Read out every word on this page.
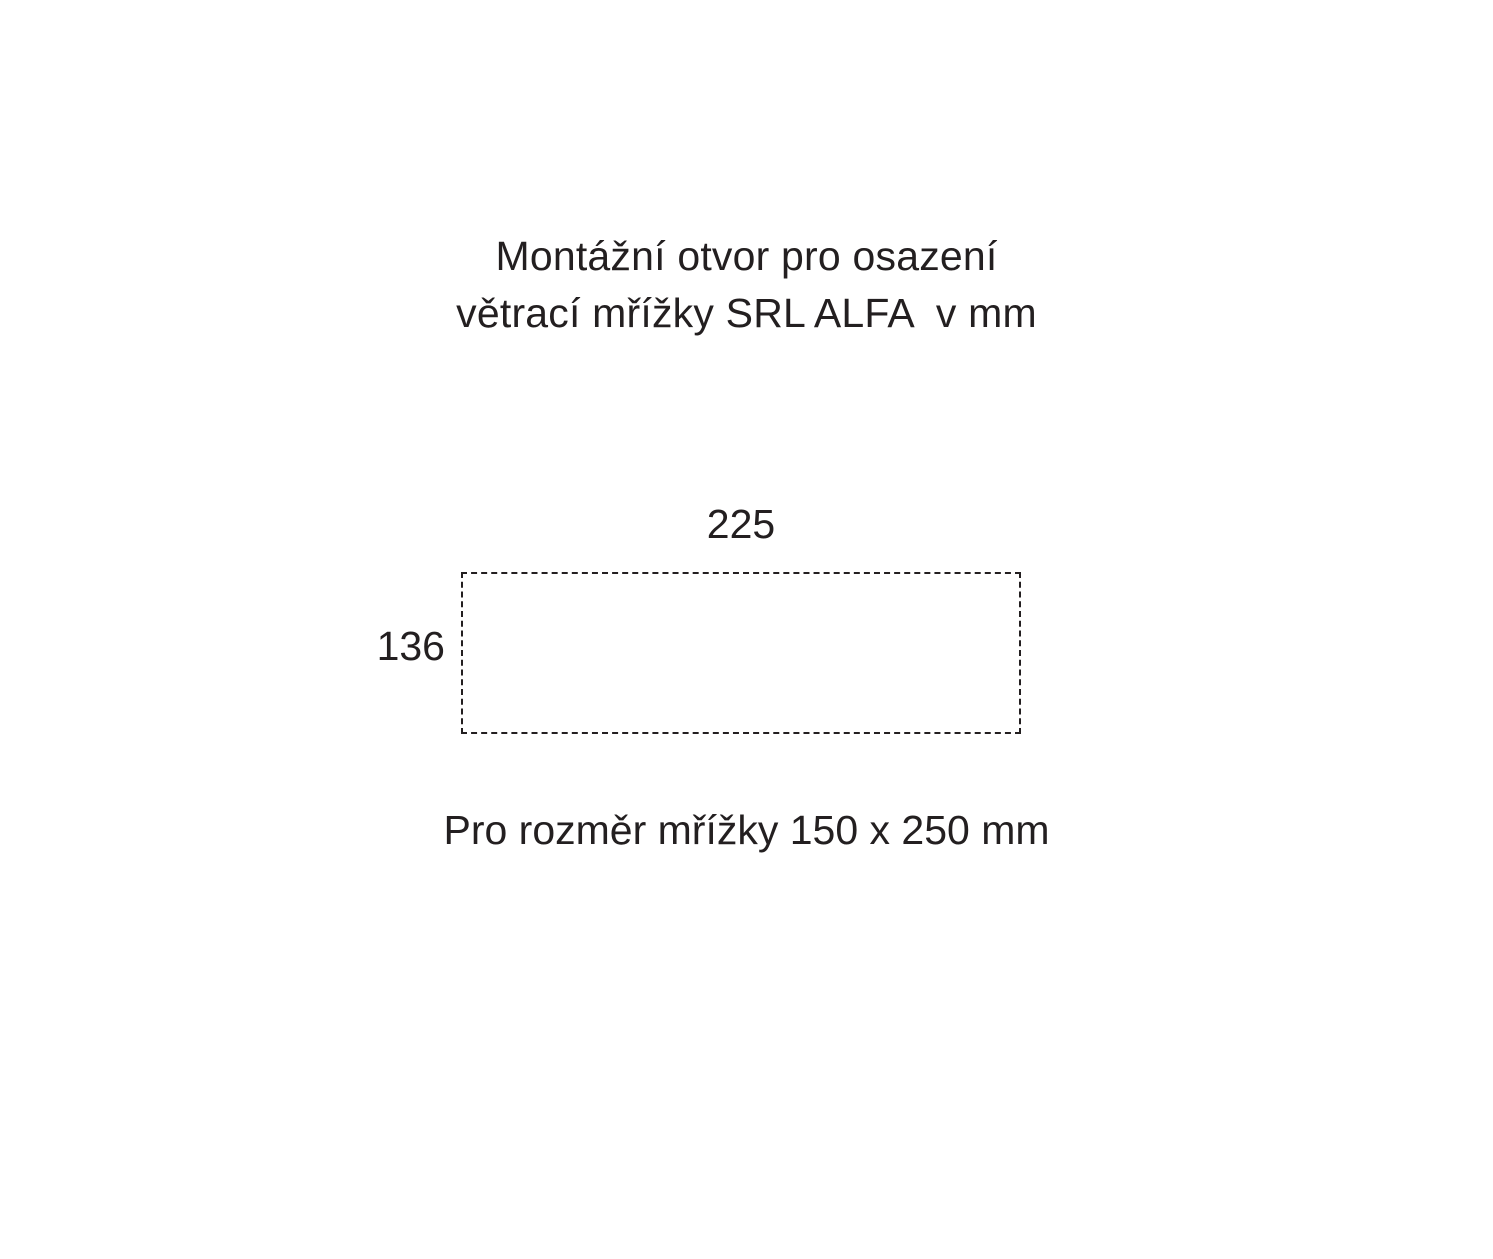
Montážní otvor pro osazení
větrací mřížky SRL ALFA  v mm
225
136
Pro rozměr mřížky 150 x 250 mm
